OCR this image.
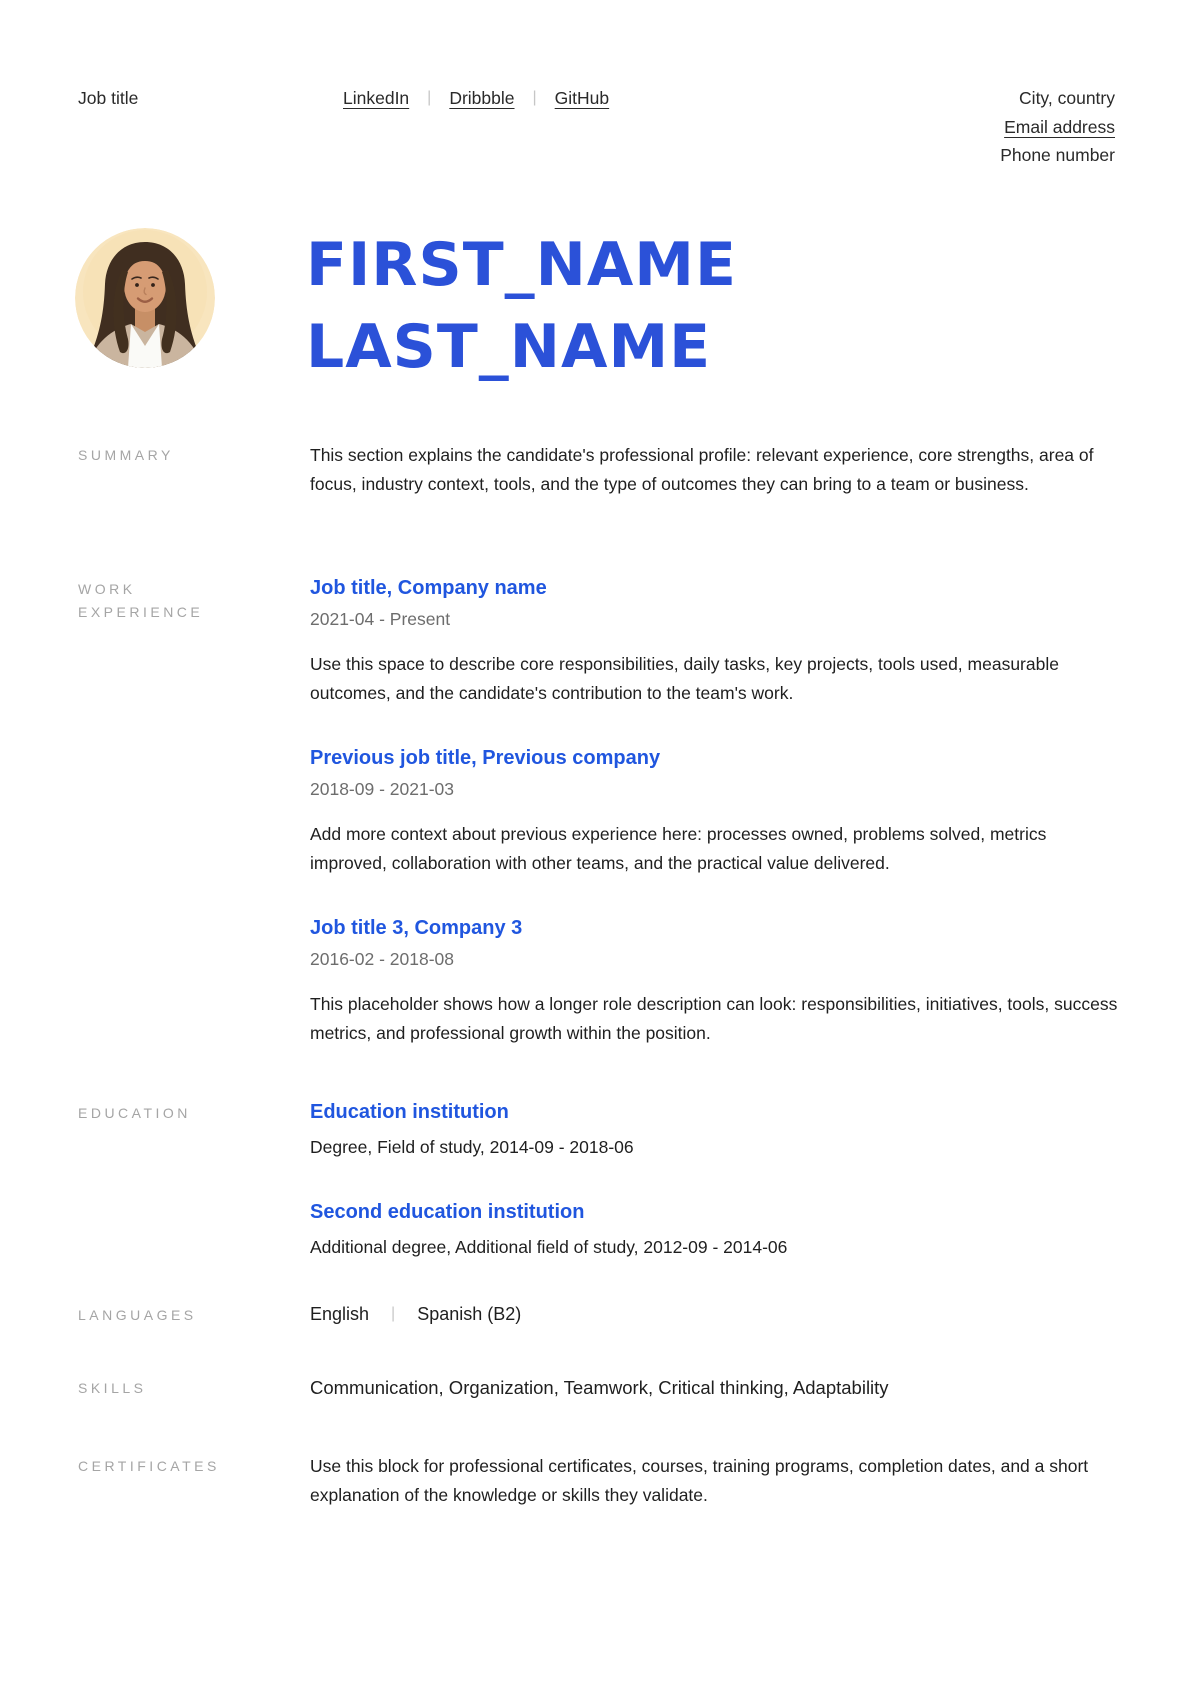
Job title	LinkedIn | Dribbble | GitHub	City, country
Email address
Phone number
FIRST_NAME
LAST_NAME
SUMMARY	This section explains the candidate's professional profile: relevant experience, core strengths, area of focus, industry context, tools, and the type of outcomes they can bring to a team or business.
WORK EXPERIENCE
Job title, Company name
2021-04 - Present
Use this space to describe core responsibilities, daily tasks, key projects, tools used, measurable outcomes, and the candidate's contribution to the team's work.
Previous job title, Previous company
2018-09 - 2021-03
Add more context about previous experience here: processes owned, problems solved, metrics improved, collaboration with other teams, and the practical value delivered.
Job title 3, Company 3
2016-02 - 2018-08
This placeholder shows how a longer role description can look: responsibilities, initiatives, tools, success metrics, and professional growth within the position.
EDUCATION	Education institution
Degree, Field of study, 2014-09 - 2018-06
Second education institution
Additional degree, Additional field of study, 2012-09 - 2014-06
LANGUAGES	English | Spanish (B2)
SKILLS	Communication, Organization, Teamwork, Critical thinking, Adaptability
CERTIFICATES	Use this block for professional certificates, courses, training programs, completion dates, and a short explanation of the knowledge or skills they validate.
